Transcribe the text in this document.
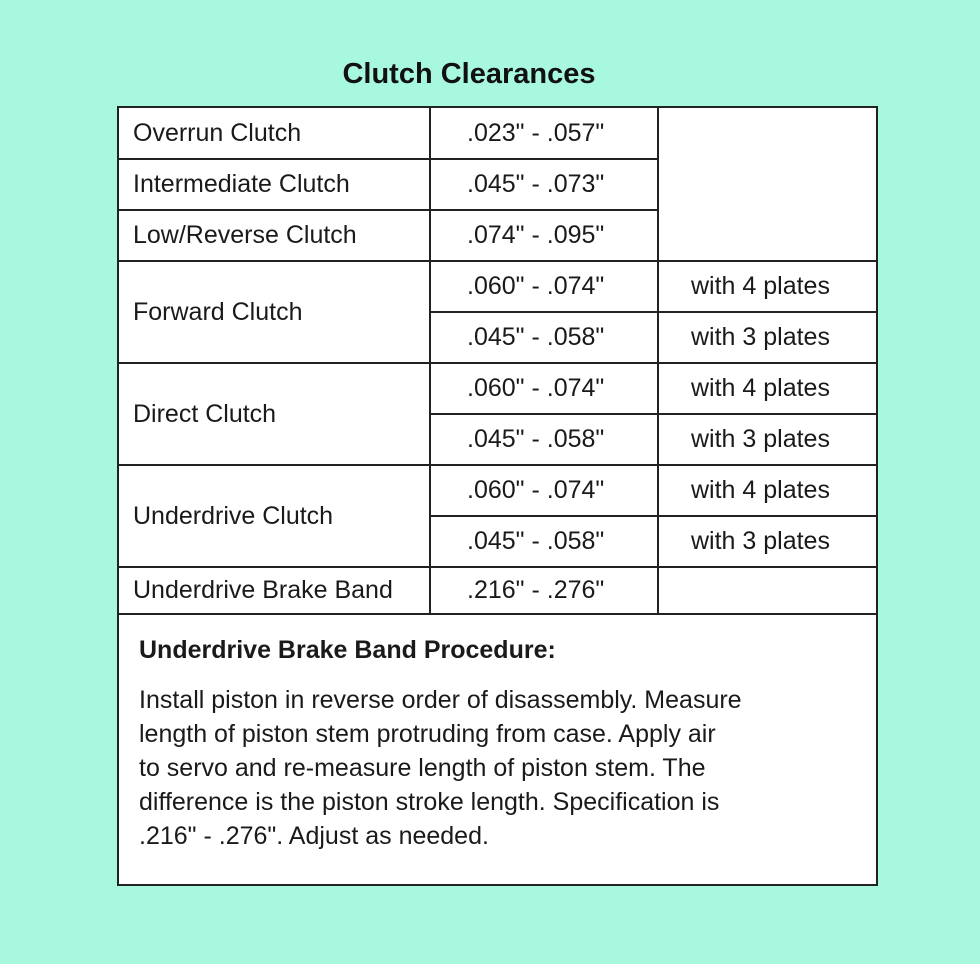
Clutch Clearances
Overrun Clutch	.023" - .057"	
Intermediate Clutch	.045" - .073"	
Low/Reverse Clutch	.074" - .095"	
Forward Clutch	.060" - .074"	with 4 plates
	.045" - .058"	with 3 plates
Direct Clutch	.060" - .074"	with 4 plates
	.045" - .058"	with 3 plates
Underdrive Clutch	.060" - .074"	with 4 plates
	.045" - .058"	with 3 plates
Underdrive Brake Band	.216" - .276"	
Underdrive Brake Band Procedure:
Install piston in reverse order of disassembly. Measure
length of piston stem protruding from case. Apply air
to servo and re-measure length of piston stem. The
difference is the piston stroke length. Specification is
.216" - .276". Adjust as needed.
